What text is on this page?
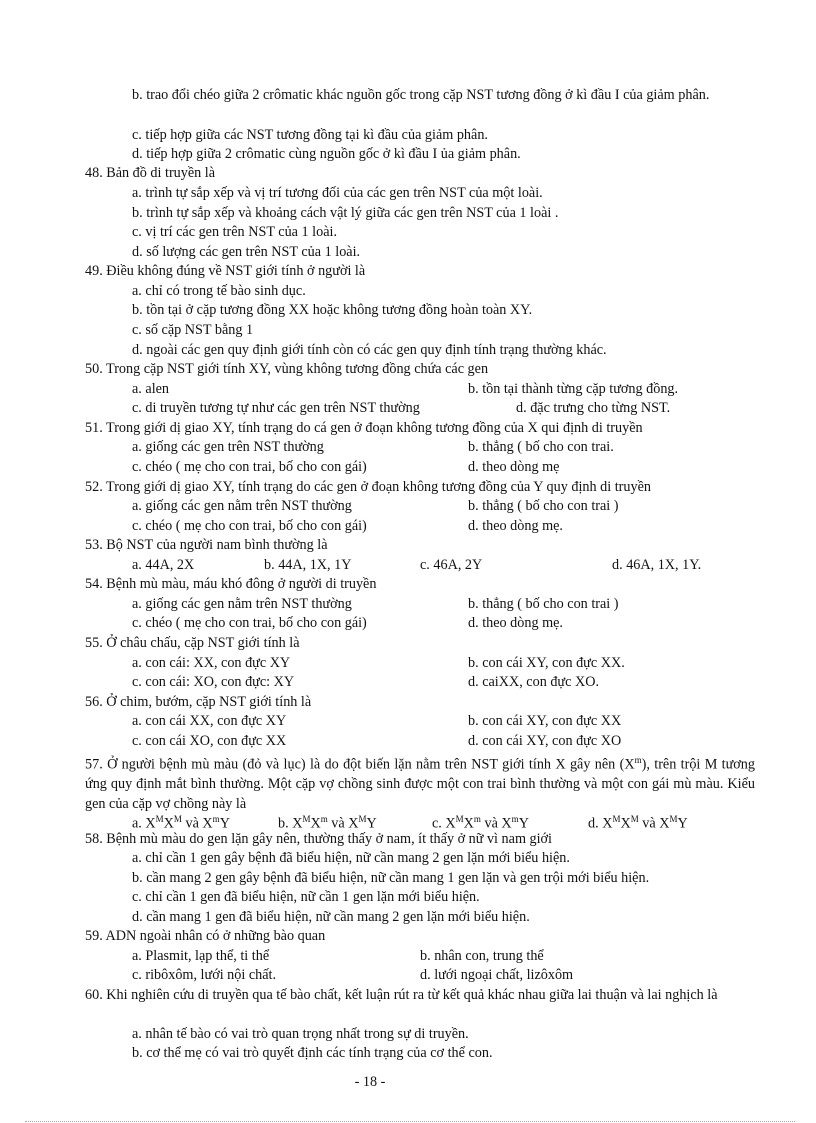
b. trao đổi chéo giữa 2 crômatic khác nguồn gốc trong cặp NST tương đồng ở kì đầu I của giảm phân.
c. tiếp hợp giữa các NST tương đồng tại kì đầu của giảm phân.
d. tiếp hợp giữa 2 crômatic cùng nguồn gốc ở kì đầu I ủa giảm phân.
48. Bản đồ di truyền là
a. trình tự sắp xếp và vị trí tương đối của các gen trên NST của một loài.
b. trình tự sắp xếp và khoảng cách vật lý giữa các gen trên NST của 1 loài .
c. vị trí các gen trên NST của 1 loài.
d. số lượng các gen trên NST của 1 loài.
49. Điều không đúng về NST giới tính ở người là
a. chỉ có trong tế bào sinh dục.
b. tồn tại ở cặp tương đồng XX hoặc không tương đồng hoàn toàn XY.
c. số cặp NST bằng 1
d. ngoài các gen quy định giới tính còn có các gen quy định tính trạng thường khác.
50. Trong cặp NST giới tính XY, vùng không tương đồng chứa các gen
a. alen	b. tồn tại thành từng cặp tương đồng.
c. di truyền tương tự như các gen trên NST thường	d. đặc trưng cho từng NST.
51. Trong giới dị giao XY, tính trạng do cá gen ở đoạn không tương đồng của X qui định di truyền
a. giống các gen trên NST thường	b. thẳng ( bố cho con trai.
c. chéo ( mẹ cho con trai, bố cho con gái)	d. theo dòng mẹ
52. Trong giới dị giao XY, tính trạng do các gen ở đoạn không tương đồng của Y quy định di truyền
a. giống các gen nằm trên NST thường	b. thẳng ( bố cho con trai )
c. chéo ( mẹ cho con trai, bố cho con gái)	d. theo dòng mẹ.
53. Bộ NST của người nam bình thường là
a. 44A, 2X	b. 44A, 1X, 1Y	c. 46A, 2Y	d. 46A, 1X, 1Y.
54. Bệnh mù màu, máu khó đông ở người di truyền
a. giống các gen nằm trên NST thường	b. thẳng ( bố cho con trai )
c. chéo ( mẹ cho con trai, bố cho con gái)	d. theo dòng mẹ.
55. Ở châu chấu, cặp NST giới tính là
a. con cái: XX, con đực XY	b. con cái XY, con đực XX.
c. con cái: XO, con đực: XY	d. caiXX, con đực XO.
56. Ở chim, bướm, cặp NST giới tính là
a. con cái XX, con đực XY	b. con cái XY, con đực XX
c. con cái XO, con đực XX	d. con cái XY, con đực XO
57. Ở người bệnh mù màu (đỏ và lục) là do đột biến lặn nằm trên NST giới tính X gây nên $(X^m)$, trên trội M tương ứng quy định mắt bình thường. Một cặp vợ chồng sinh được một con trai bình thường và một con gái mù màu. Kiểu gen của cặp vợ chồng này là
a. $X^MX^M$ và $X^mY$	b. $X^MX^m$ và $X^MY$	c. $X^MX^m$ và $X^mY$	d. $X^MX^M$ và $X^MY$
58. Bệnh mù màu do gen lặn gây nên, thường thấy ở nam, ít thấy ở nữ vì nam giới
a. chỉ cần 1 gen gây bệnh đã biểu hiện, nữ cần mang 2 gen lặn mới biểu hiện.
b. cần mang 2 gen gây bệnh đã biểu hiện, nữ cần mang 1 gen lặn và gen trội mới biểu hiện.
c. chỉ cần 1 gen đã biểu hiện, nữ cần 1 gen lặn mới biểu hiện.
d. cần mang 1 gen đã biểu hiện, nữ cần mang 2 gen lặn mới biểu hiện.
59. ADN ngoài nhân có ở những bào quan
a. Plasmit, lạp thể, ti thể	b. nhân con, trung thể
c. ribôxôm, lưới nội chất.	d. lưới ngoại chất, lizôxôm
60. Khi nghiên cứu di truyền qua tế bào chất, kết luận rút ra từ kết quả khác nhau giữa lai thuận và lai nghịch là
a. nhân tế bào có vai trò quan trọng nhất trong sự di truyền.
b. cơ thể mẹ có vai trò quyết định các tính trạng của cơ thể con.
- 18 -
